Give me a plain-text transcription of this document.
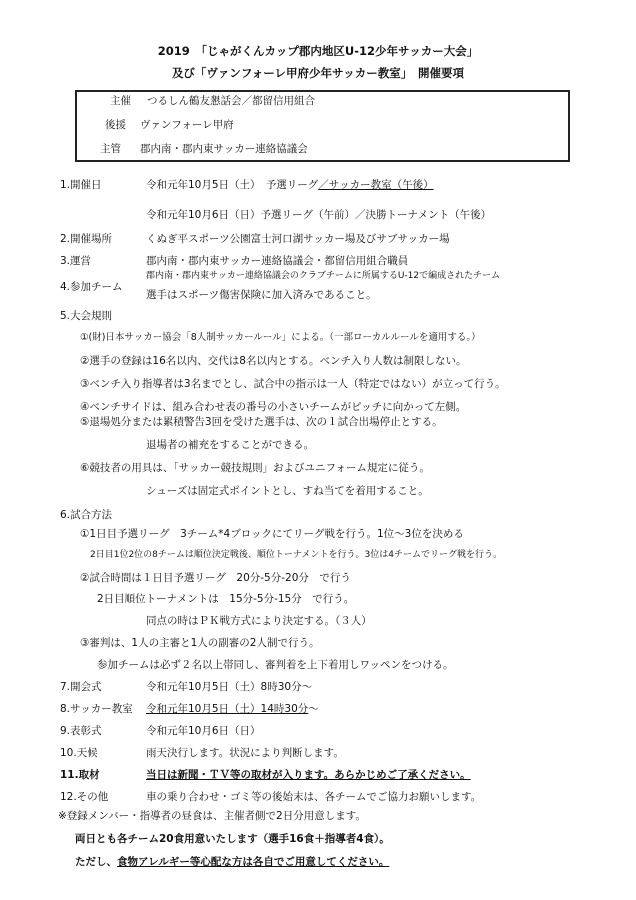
2019　「じゃがくんカップ郡内地区U-12少年サッカー大会」
及び「ヴァンフォーレ甲府少年サッカー教室」　開催要項
主催 つるしん鶴友懇話会／都留信用組合
後援 ヴァンフォーレ甲府
主管 郡内南・郡内東サッカー連絡協議会
1.開催日	令和元年10月5日（土）　予選リーグ／サッカー教室（午後）
令和元年10月6日（日）予選リーグ（午前）／決勝トーナメント（午後）
2.開催場所	くぬぎ平スポーツ公園富士河口湖サッカー場及びサブサッカー場
3.運営	郡内南・郡内東サッカー連絡協議会・都留信用組合職員
4.参加チーム
郡内南・郡内東サッカー連絡協議会のクラブチームに所属するU-12で編成されたチーム
選手はスポーツ傷害保険に加入済みであること。
5.大会規則
①(財)日本サッカー協会「8人制サッカールール」による。（一部ローカルルールを適用する。）
②選手の登録は16名以内、交代は8名以内とする。ベンチ入り人数は制限しない。
③ベンチ入り指導者は3名までとし、試合中の指示は一人（特定ではない）が立って行う。
④ベンチサイドは、組み合わせ表の番号の小さいチームがピッチに向かって左側。
⑤退場処分または累積警告3回を受けた選手は、次の１試合出場停止とする。
退場者の補充をすることができる。
⑥競技者の用具は、「サッカー競技規則」およびユニフォーム規定に従う。
シューズは固定式ポイントとし、すね当てを着用すること。
6.試合方法
①1日目予選リーグ　3チーム*4ブロックにてリーグ戦を行う。1位～3位を決める
2日目1位2位の8チームは順位決定戦後、順位トーナメントを行う。3位は4チームでリーグ戦を行う。
②試合時間は１日目予選リーグ　20分-5分-20分　で行う
2日目順位トーナメントは　15分-5分-15分　で行う。
同点の時はＰＫ戦方式により決定する。（３人）
③審判は、1人の主審と1人の副審の2人制で行う。
参加チームは必ず２名以上帯同し、審判着を上下着用しワッペンをつける。
7.開会式	令和元年10月5日（土）8時30分～
8.サッカー教室 令和元年10月5日（土）14時30分～
9.表彰式	令和元年10月6日（日）
10.天候	雨天決行します。状況により判断します。
11.取材	当日は新聞・ＴＶ等の取材が入ります。あらかじめご了承ください。
12.その他	車の乗り合わせ・ゴミ等の後始末は、各チームでご協力お願いします。
※登録メンバー・指導者の昼食は、主催者側で2日分用意します。
両日とも各チーム20食用意いたします（選手16食＋指導者4食）。
ただし、食物アレルギー等心配な方は各自でご用意してください。
